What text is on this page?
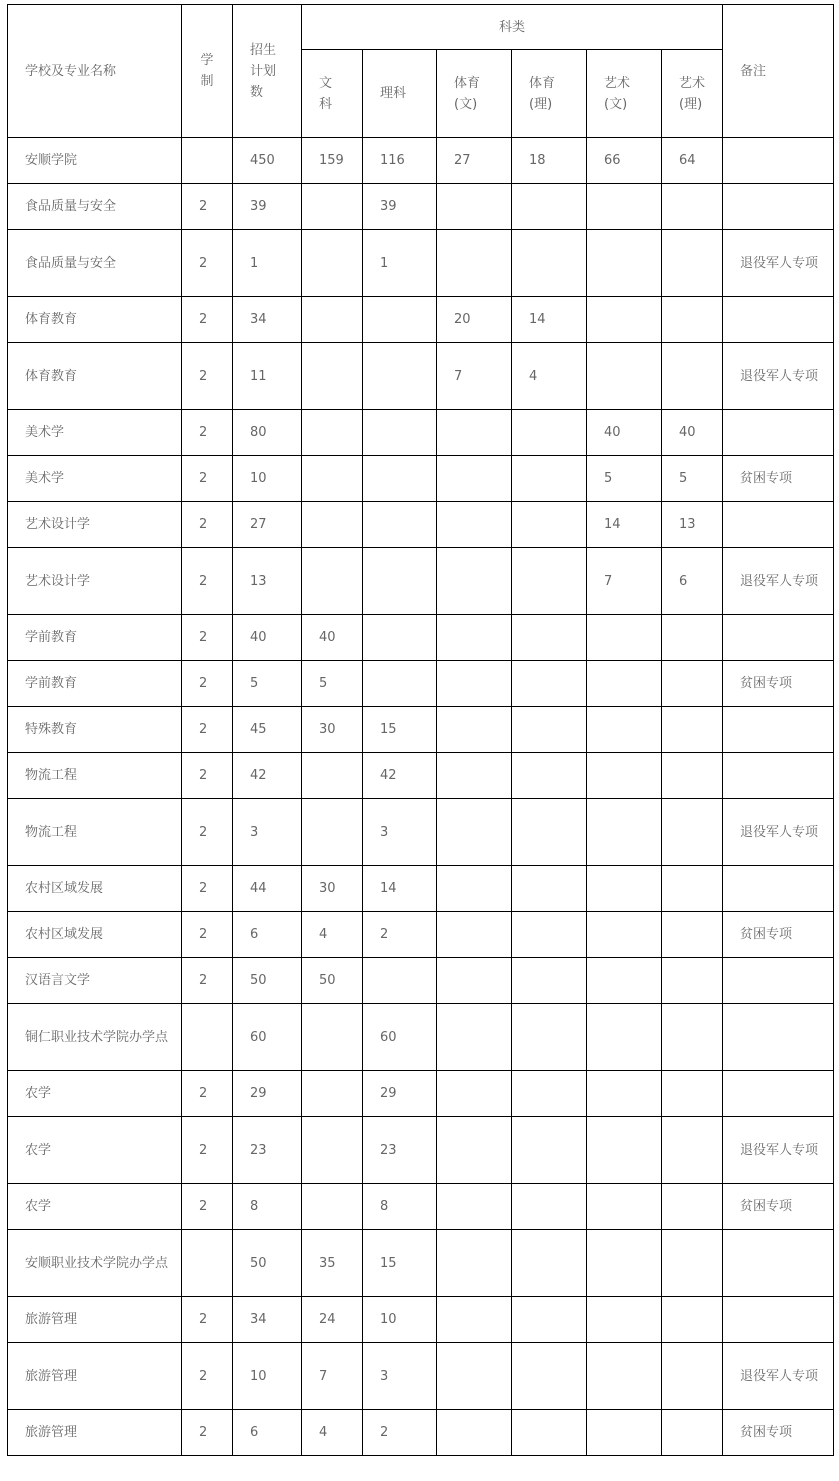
学校及专业名称	学制	招生计划数	科类						备注
			文科	理科	体育(文)	体育(理)	艺术(文)	艺术(理)	
安顺学院		450	159	116	27	18	66	64	
食品质量与安全	2	39		39					
食品质量与安全	2	1		1					退役军人专项
体育教育	2	34			20	14			
体育教育	2	11			7	4			退役军人专项
美术学	2	80					40	40	
美术学	2	10					5	5	贫困专项
艺术设计学	2	27					14	13	
艺术设计学	2	13					7	6	退役军人专项
学前教育	2	40	40						
学前教育	2	5	5						贫困专项
特殊教育	2	45	30	15					
物流工程	2	42		42					
物流工程	2	3		3					退役军人专项
农村区域发展	2	44	30	14					
农村区域发展	2	6	4	2					贫困专项
汉语言文学	2	50	50						
铜仁职业技术学院办学点		60		60					
农学	2	29		29					
农学	2	23		23					退役军人专项
农学	2	8		8					贫困专项
安顺职业技术学院办学点		50	35	15					
旅游管理	2	34	24	10					
旅游管理	2	10	7	3					退役军人专项
旅游管理	2	6	4	2					贫困专项
